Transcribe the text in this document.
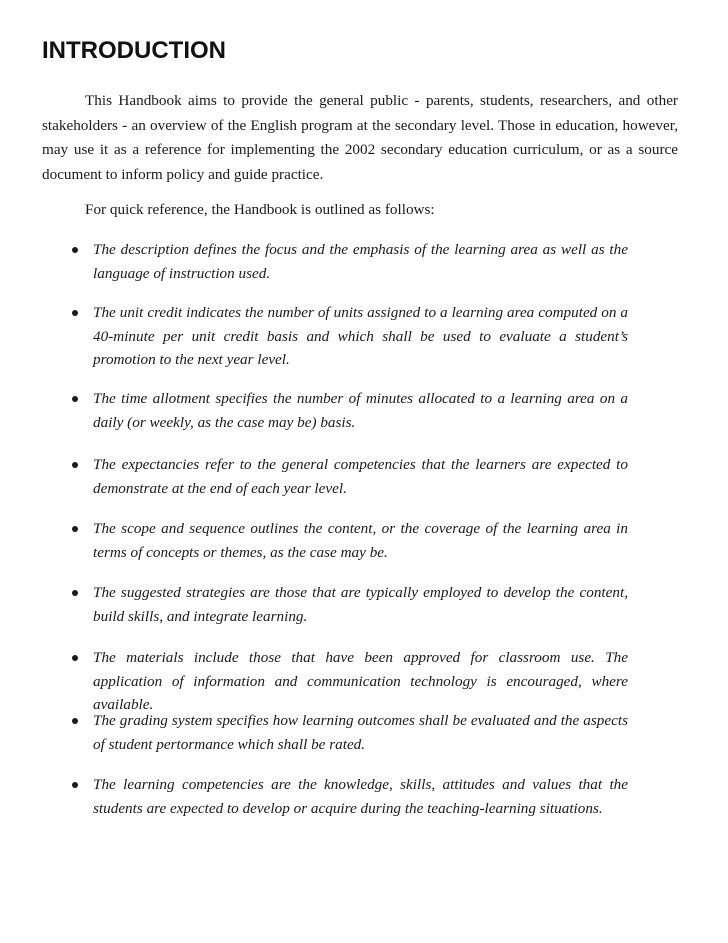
INTRODUCTION

This Handbook aims to provide the general public - parents, students, researchers, and other stakeholders - an overview of the English program at the secondary level. Those in education, however, may use it as a reference for implementing the 2002 secondary education curriculum, or as a source document to inform policy and guide practice.

For quick reference, the Handbook is outlined as follows:

The description defines the focus and the emphasis of the learning area as well as the language of instruction used.
The unit credit indicates the number of units assigned to a learning area computed on a 40-minute per unit credit basis and which shall be used to evaluate a student’s promotion to the next year level.
The time allotment specifies the number of minutes allocated to a learning area on a daily (or weekly, as the case may be) basis.
The expectancies refer to the general competencies that the learners are expected to demonstrate at the end of each year level.
The scope and sequence outlines the content, or the coverage of the learning area in terms of concepts or themes, as the case may be.
The suggested strategies are those that are typically employed to develop the content, build skills, and integrate learning.
The materials include those that have been approved for classroom use. The application of information and communication technology is encouraged, where available.
The grading system specifies how learning outcomes shall be evaluated and the aspects of student pertormance which shall be rated.
The learning competencies are the knowledge, skills, attitudes and values that the students are expected to develop or acquire during the teaching-learning situations.
